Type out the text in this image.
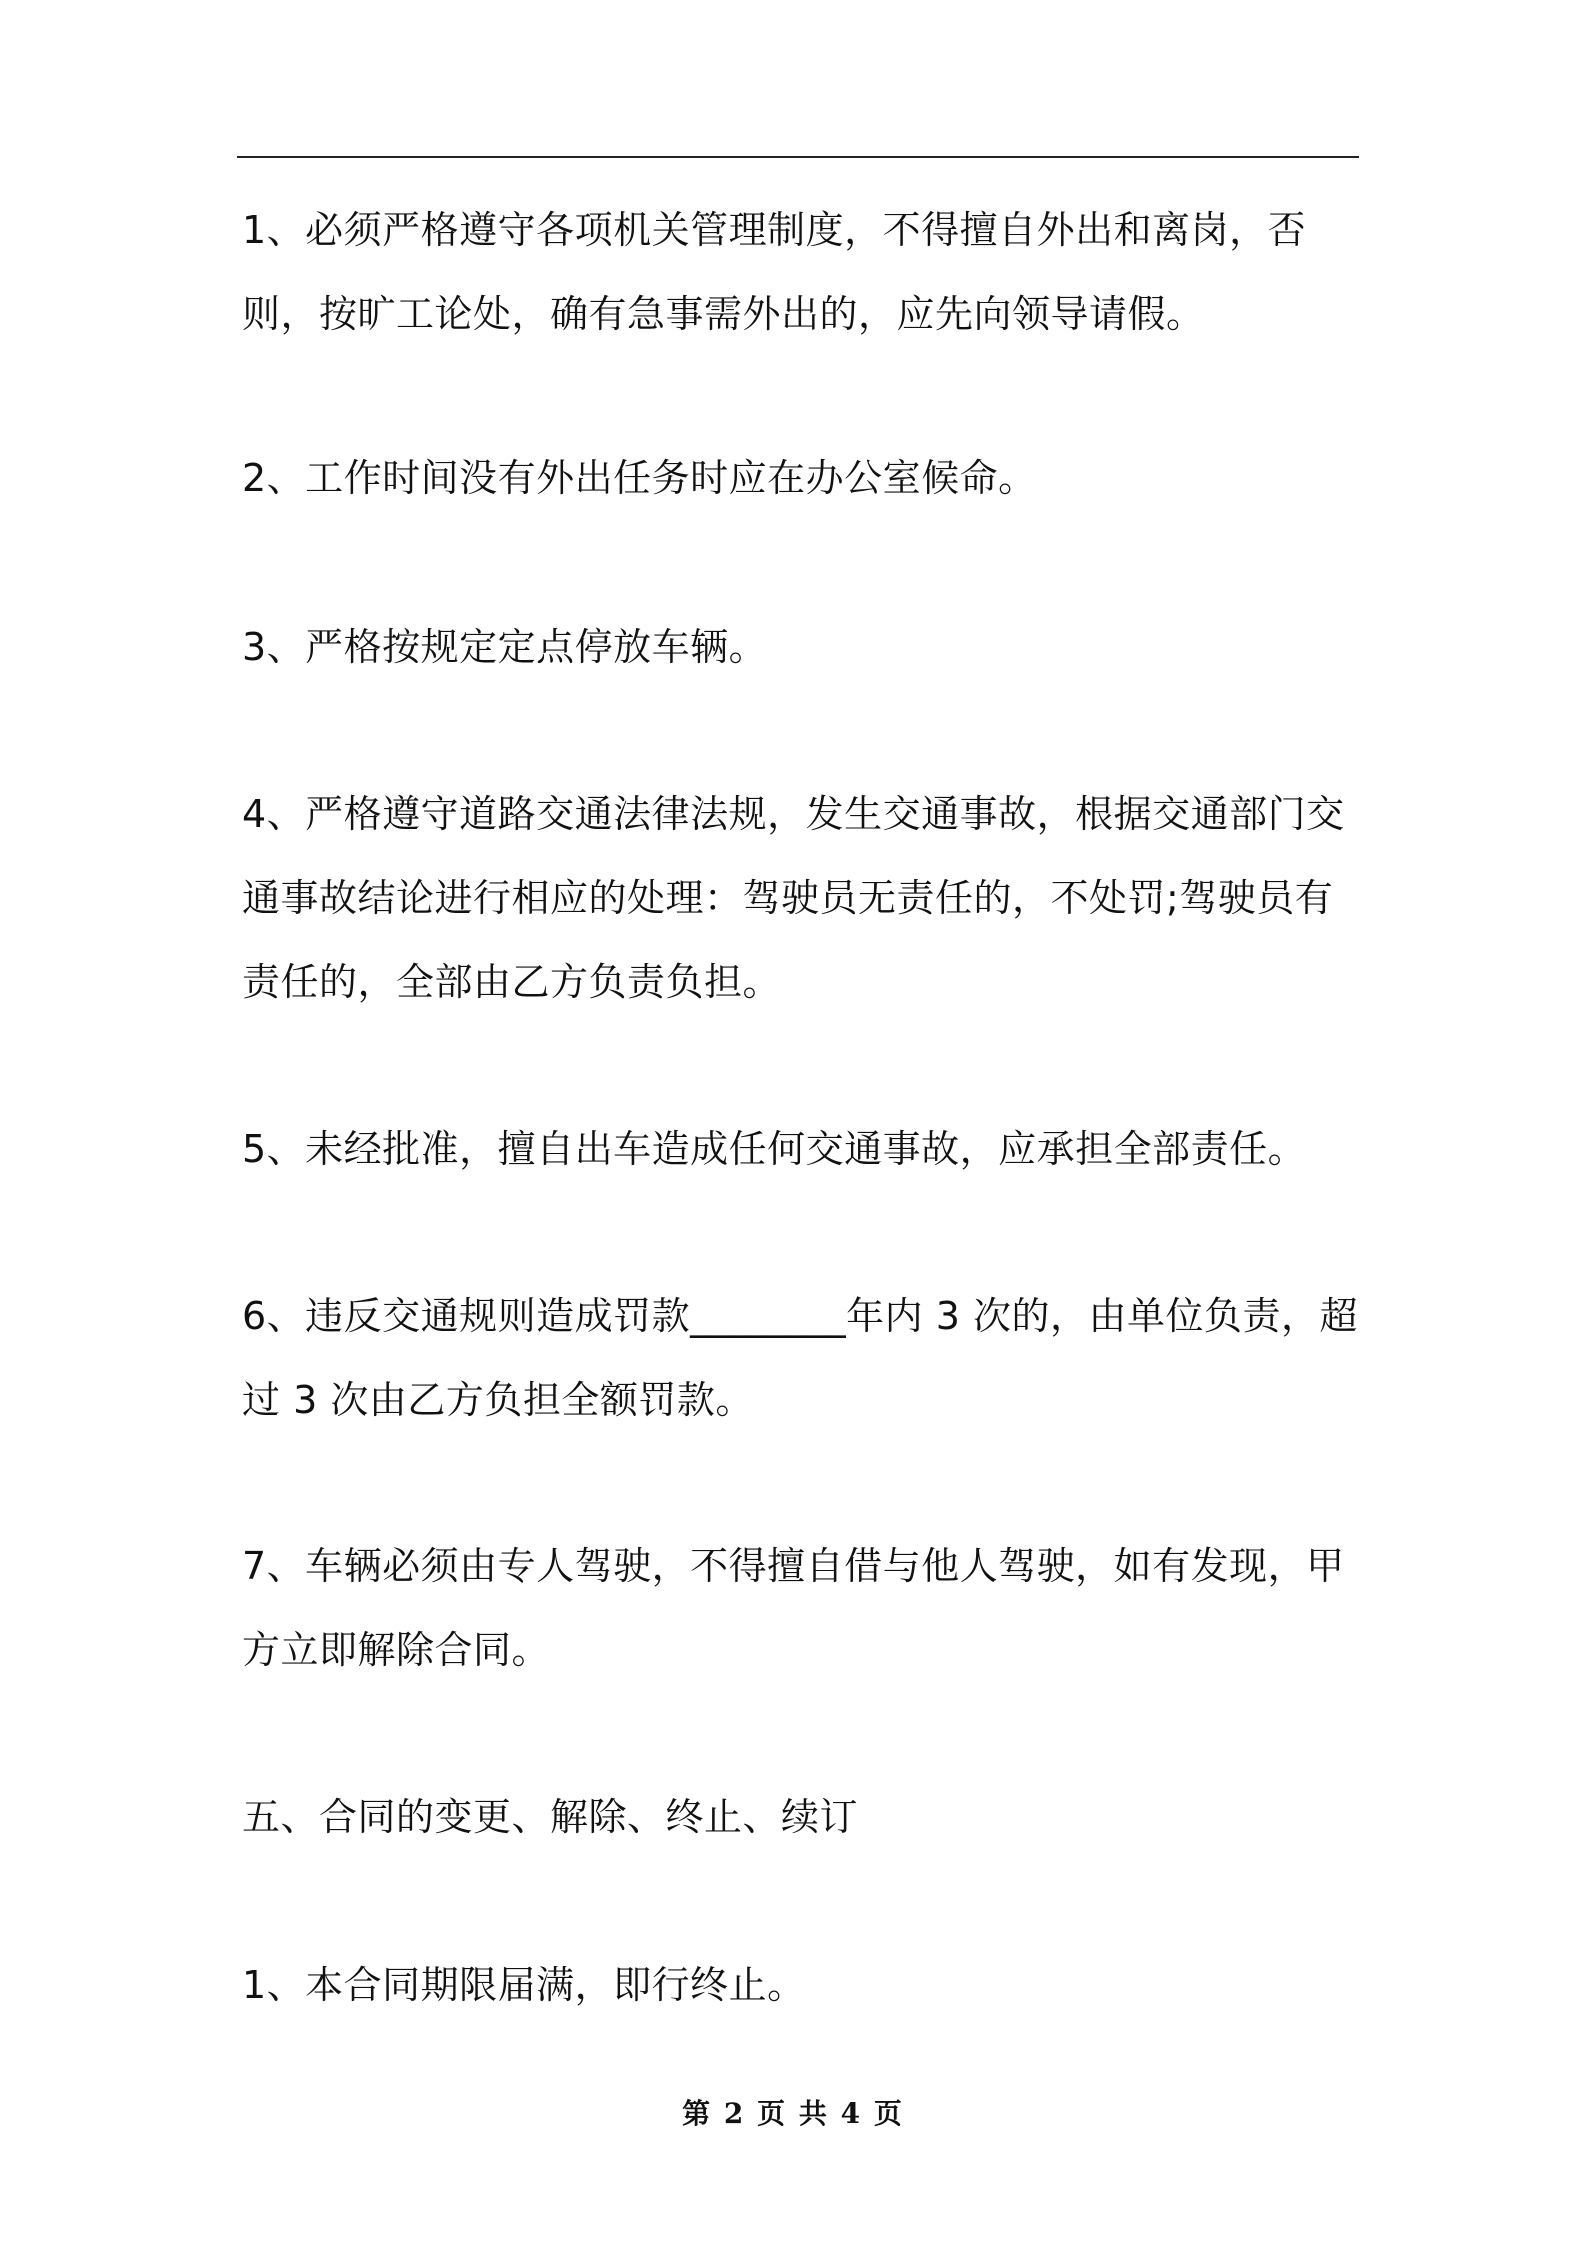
1、必须严格遵守各项机关管理制度，不得擅自外出和离岗，否则，按旷工论处，确有急事需外出的，应先向领导请假。

2、工作时间没有外出任务时应在办公室候命。

3、严格按规定定点停放车辆。

4、严格遵守道路交通法律法规，发生交通事故，根据交通部门交通事故结论进行相应的处理：驾驶员无责任的，不处罚;驾驶员有责任的，全部由乙方负责负担。

5、未经批准，擅自出车造成任何交通事故，应承担全部责任。

6、违反交通规则造成罚款________年内 3 次的，由单位负责，超过 3 次由乙方负担全额罚款。

7、车辆必须由专人驾驶，不得擅自借与他人驾驶，如有发现，甲方立即解除合同。

五、合同的变更、解除、终止、续订

1、本合同期限届满，即行终止。

第 2 页 共 4 页
